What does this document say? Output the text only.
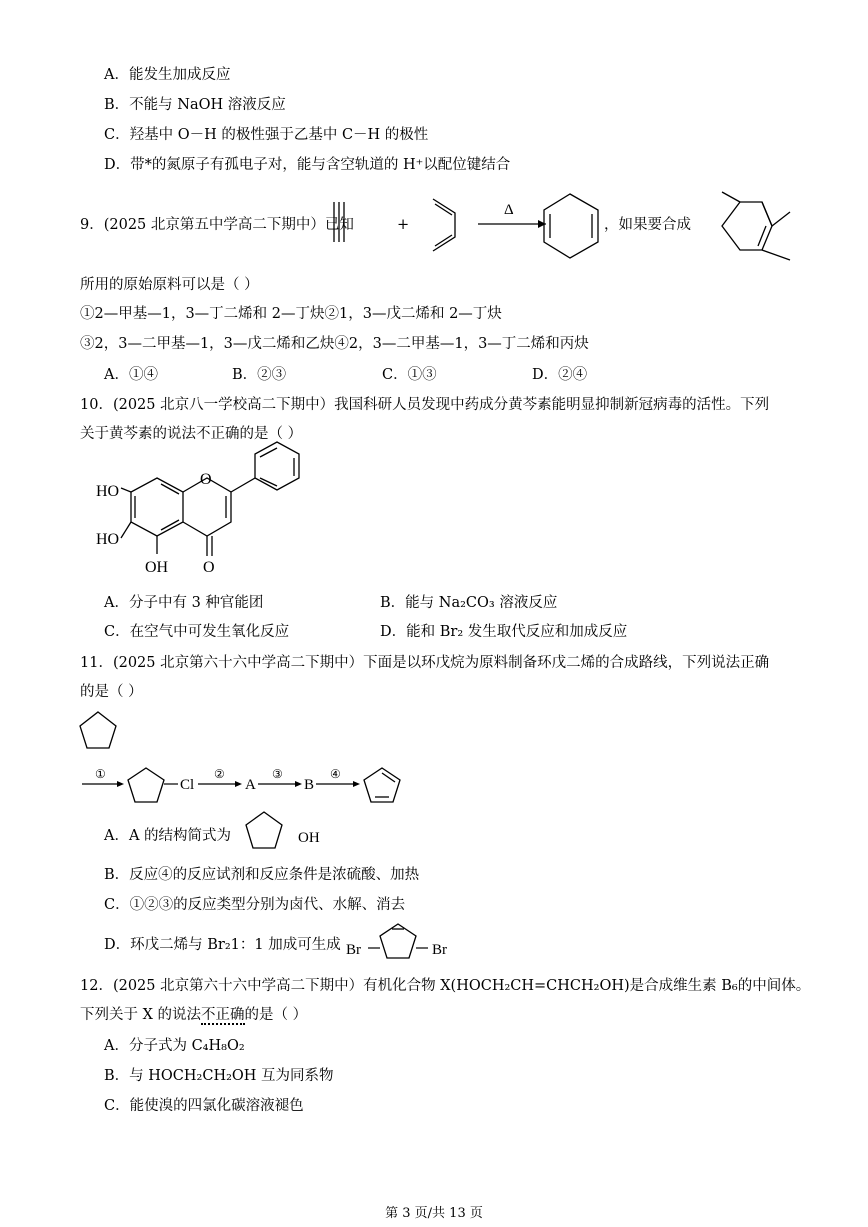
A．能发生加成反应
B．不能与 NaOH 溶液反应
C．羟基中 O－H 的极性强于乙基中 C－H 的极性
D．带*的氮原子有孤电子对，能与含空轨道的 H⁺以配位键结合
9．(2025 北京第五中学高二下期中）已知	+
Δ
，如果要合成
所用的原始原料可以是（ ）
①2—甲基—1，3—丁二烯和 2—丁炔②1，3—戊二烯和 2—丁炔
③2，3—二甲基—1，3—戊二烯和乙炔④2，3—二甲基—1，3—丁二烯和丙炔
A．①④	B．②③	C．①③	D．②④
10．(2025 北京八一学校高二下期中）我国科研人员发现中药成分黄芩素能明显抑制新冠病毒的活性。下列
关于黄芩素的说法不正确的是（ ）
HO
HO
OH
O
O
A．分子中有 3 种官能团	B．能与 Na₂CO₃ 溶液反应
C．在空气中可发生氧化反应	D．能和 Br₂ 发生取代反应和加成反应
11．(2025 北京第六十六中学高二下期中）下面是以环戊烷为原料制备环戊二烯的合成路线，下列说法正确
的是（ ）
①
Cl
②
A
③
B
④
A．A 的结构简式为	OH
B．反应④的反应试剂和反应条件是浓硫酸、加热
C．①②③的反应类型分别为卤代、水解、消去
D．环戊二烯与 Br₂1：1 加成可生成 Br	Br
12．(2025 北京第六十六中学高二下期中）有机化合物 X(HOCH₂CH=CHCH₂OH)是合成维生素 B₆的中间体。
下列关于 X 的说法不正确的是（ ）
A．分子式为 C₄H₈O₂
B．与 HOCH₂CH₂OH 互为同系物
C．能使溴的四氯化碳溶液褪色
第 3 页/共 13 页
